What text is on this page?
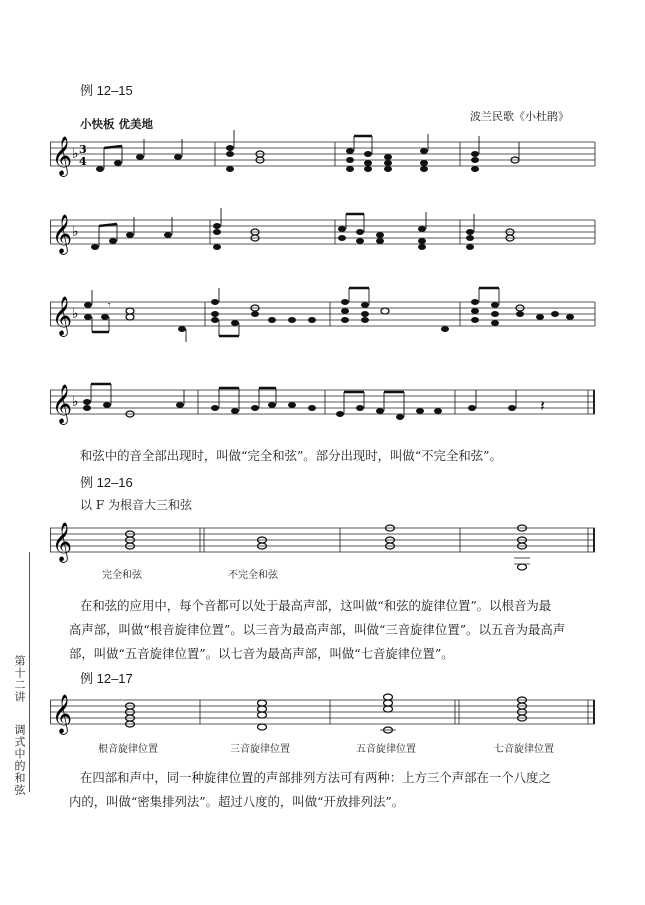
例 12–15
波兰民歌《小杜鹃》
小快板 优美地
𝄞 ♭ 3
4
𝄞 ♭
𝄞 ♭
𝄾
𝄞 ♭	𝄽

和弦中的音全部出现时，叫做“完全和弦”。部分出现时，叫做“不完全和弦”。

例 12–16
以 F 为根音大三和弦
𝄞
完全和弦	不完全和弦

在和弦的应用中，每个音都可以处于最高声部，这叫做“和弦的旋律位置”。以根音为最

高声部，叫做“根音旋律位置”。以三音为最高声部，叫做“三音旋律位置”。以五音为最高声

部，叫做“五音旋律位置”。以七音为最高声部，叫做“七音旋律位置”。

例 12–17
𝄞
根音旋律位置	三音旋律位置	五音旋律位置	七音旋律位置

在四部和声中，同一种旋律位置的声部排列方法可有两种：上方三个声部在一个八度之

内的，叫做“密集排列法”。超过八度的，叫做“开放排列法”。

第十二讲
调式中的和弦
